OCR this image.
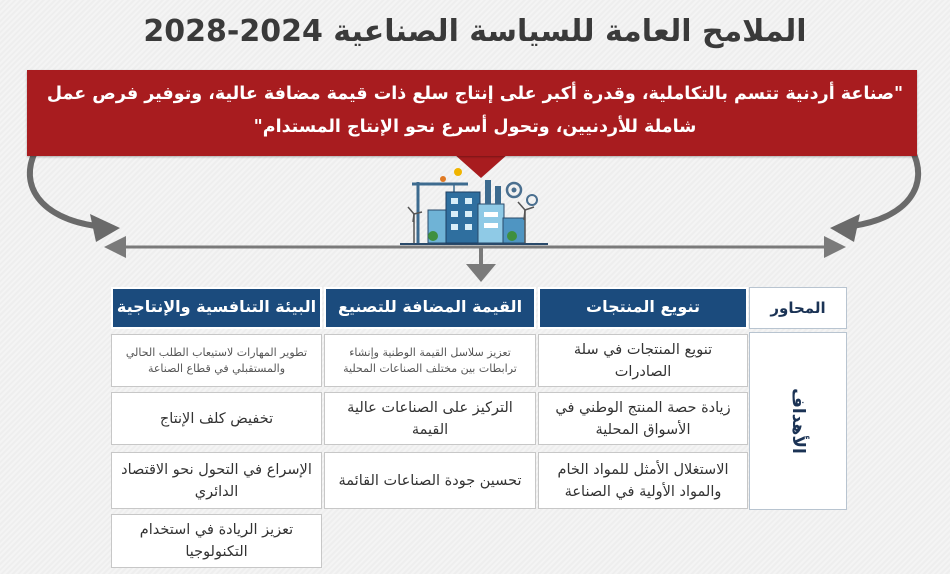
الملامح العامة للسياسة الصناعية 2024-2028
"صناعة أردنية تتسم بالتكاملية، وقدرة أكبر على إنتاج سلع ذات قيمة مضافة عالية، وتوفير فرص عمل
شاملة للأردنيين، وتحول أسرع نحو الإنتاج المستدام"
المحاور
الأهداف
تنويع المنتجات
القيمة المضافة للتصنيع
البيئة التنافسية والإنتاجية
تنويع المنتجات في سلة الصادرات
زيادة حصة المنتج الوطني في الأسواق المحلية
الاستغلال الأمثل للمواد الخام والمواد الأولية في الصناعة
تعزيز سلاسل القيمة الوطنية وإنشاء ترابطات بين مختلف الصناعات المحلية
التركيز على الصناعات عالية القيمة
تحسين جودة الصناعات القائمة
تطوير المهارات لاستيعاب الطلب الحالي والمستقبلي في قطاع الصناعة
تخفيض كلف الإنتاج
الإسراع في التحول نحو الاقتصاد الدائري
تعزيز الريادة في استخدام التكنولوجيا
